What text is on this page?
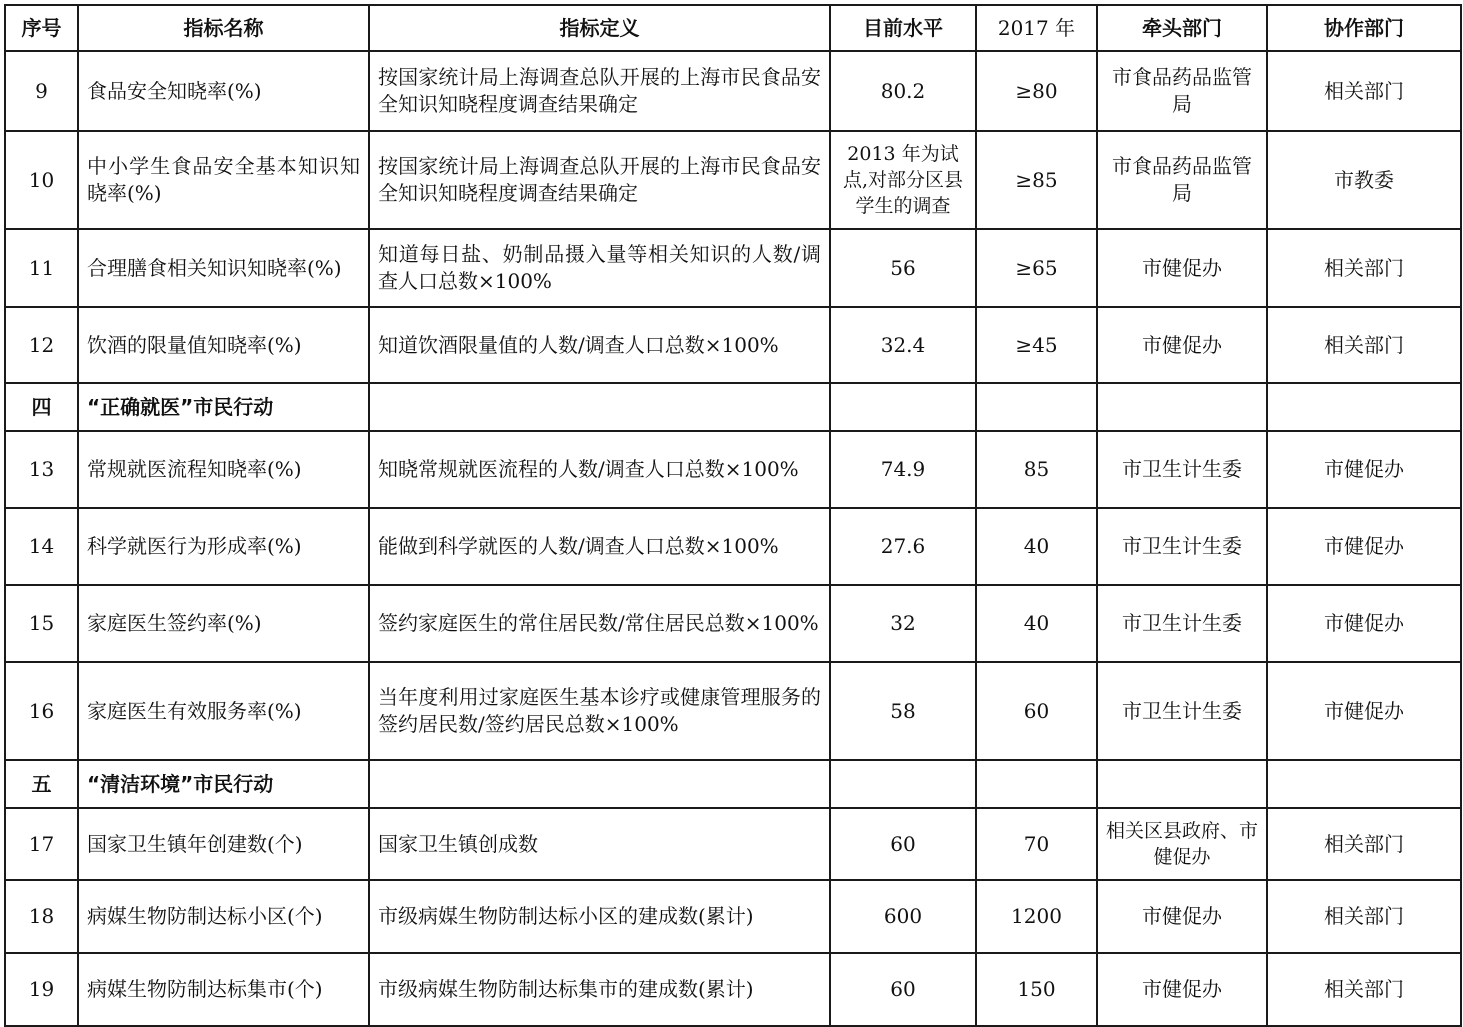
序号	指标名称	指标定义	目前水平	2017 年	牵头部门	协作部门
9	食品安全知晓率(%)	按国家统计局上海调查总队开展的上海市民食品安全知识知晓程度调查结果确定	80.2	≥80	市食品药品监管局	相关部门
10	中小学生食品安全基本知识知晓率(%)	按国家统计局上海调查总队开展的上海市民食品安全知识知晓程度调查结果确定	2013 年为试点,对部分区县学生的调查	≥85	市食品药品监管局	市教委
11	合理膳食相关知识知晓率(%)	知道每日盐、奶制品摄入量等相关知识的人数/调查人口总数×100%	56	≥65	市健促办	相关部门
12	饮酒的限量值知晓率(%)	知道饮酒限量值的人数/调查人口总数×100%	32.4	≥45	市健促办	相关部门
四	“正确就医”市民行动					
13	常规就医流程知晓率(%)	知晓常规就医流程的人数/调查人口总数×100%	74.9	85	市卫生计生委	市健促办
14	科学就医行为形成率(%)	能做到科学就医的人数/调查人口总数×100%	27.6	40	市卫生计生委	市健促办
15	家庭医生签约率(%)	签约家庭医生的常住居民数/常住居民总数×100%	32	40	市卫生计生委	市健促办
16	家庭医生有效服务率(%)	当年度利用过家庭医生基本诊疗或健康管理服务的签约居民数/签约居民总数×100%	58	60	市卫生计生委	市健促办
五	“清洁环境”市民行动					
17	国家卫生镇年创建数(个)	国家卫生镇创成数	60	70	相关区县政府、市健促办	相关部门
18	病媒生物防制达标小区(个)	市级病媒生物防制达标小区的建成数(累计)	600	1200	市健促办	相关部门
19	病媒生物防制达标集市(个)	市级病媒生物防制达标集市的建成数(累计)	60	150	市健促办	相关部门
